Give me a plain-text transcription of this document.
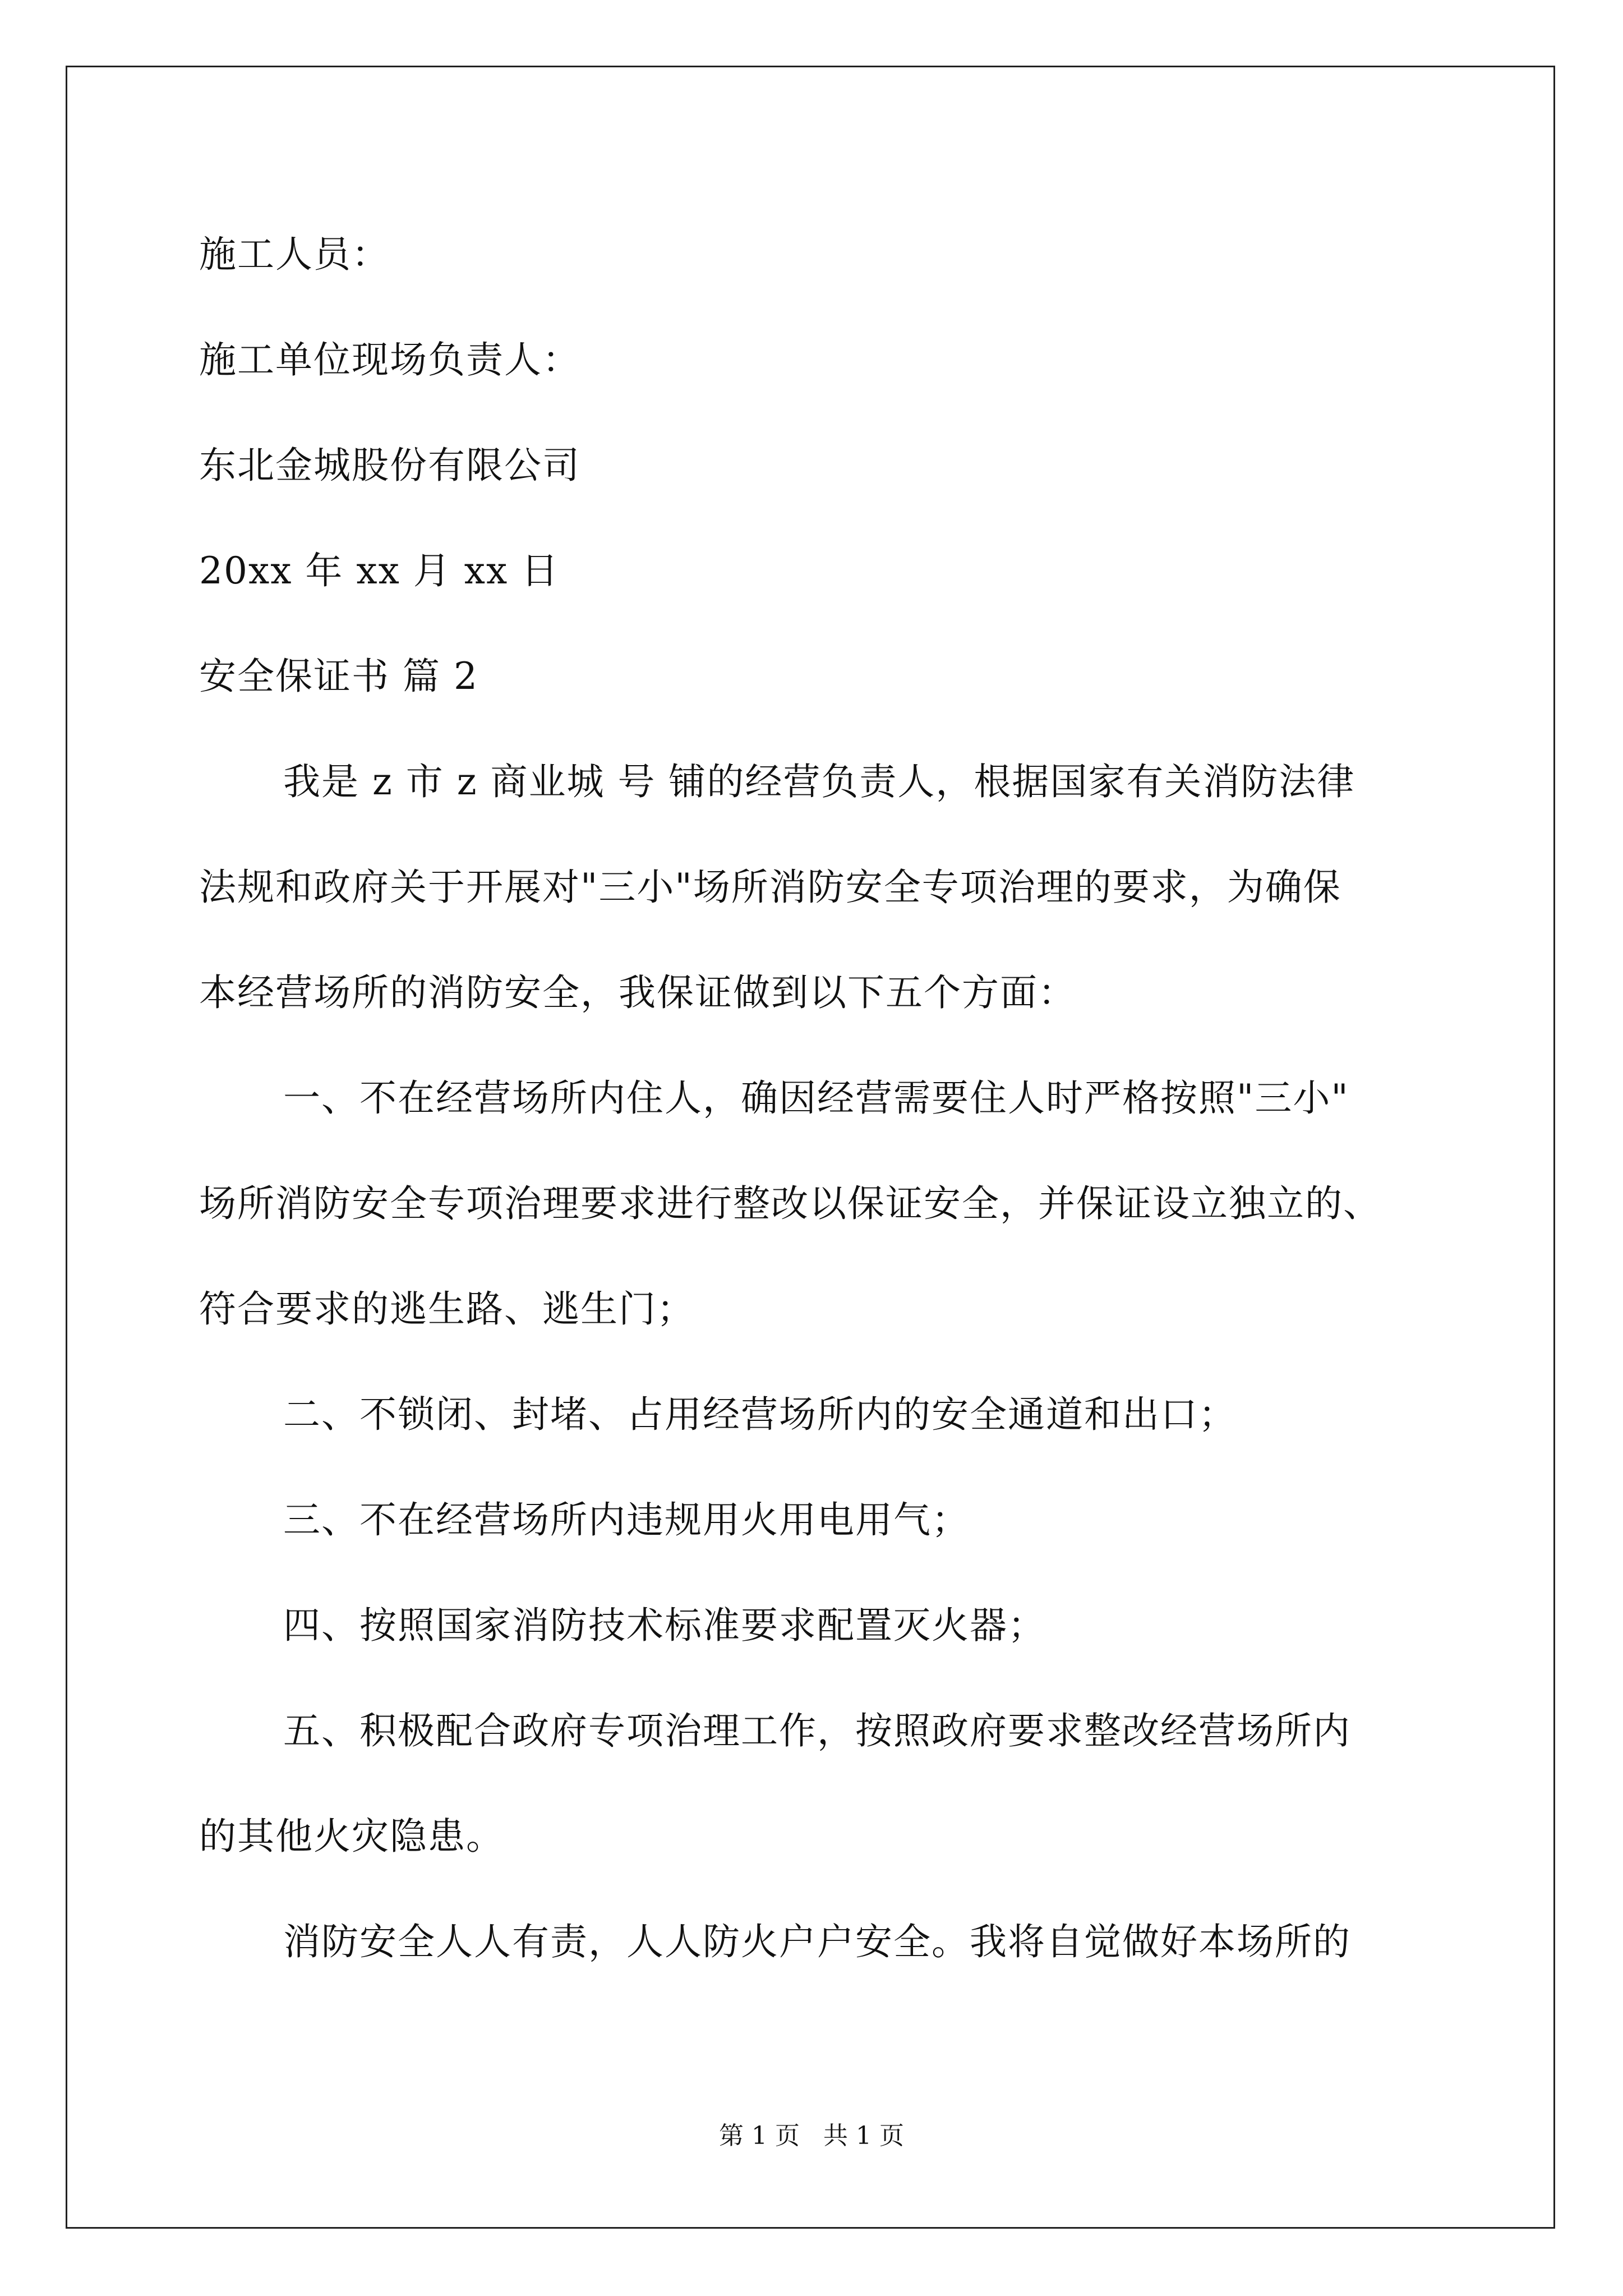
施工人员：
施工单位现场负责人：
东北金城股份有限公司
20xx 年 xx 月 xx 日
安全保证书 篇 2
我是 z 市 z 商业城 号 铺的经营负责人，根据国家有关消防法律
法规和政府关于开展对"三小"场所消防安全专项治理的要求，为确保
本经营场所的消防安全，我保证做到以下五个方面：
一、不在经营场所内住人，确因经营需要住人时严格按照"三小"
场所消防安全专项治理要求进行整改以保证安全，并保证设立独立的、
符合要求的逃生路、逃生门；
二、不锁闭、封堵、占用经营场所内的安全通道和出口；
三、不在经营场所内违规用火用电用气；
四、按照国家消防技术标准要求配置灭火器；
五、积极配合政府专项治理工作，按照政府要求整改经营场所内
的其他火灾隐患。
消防安全人人有责，人人防火户户安全。我将自觉做好本场所的
第 1 页   共 1 页
